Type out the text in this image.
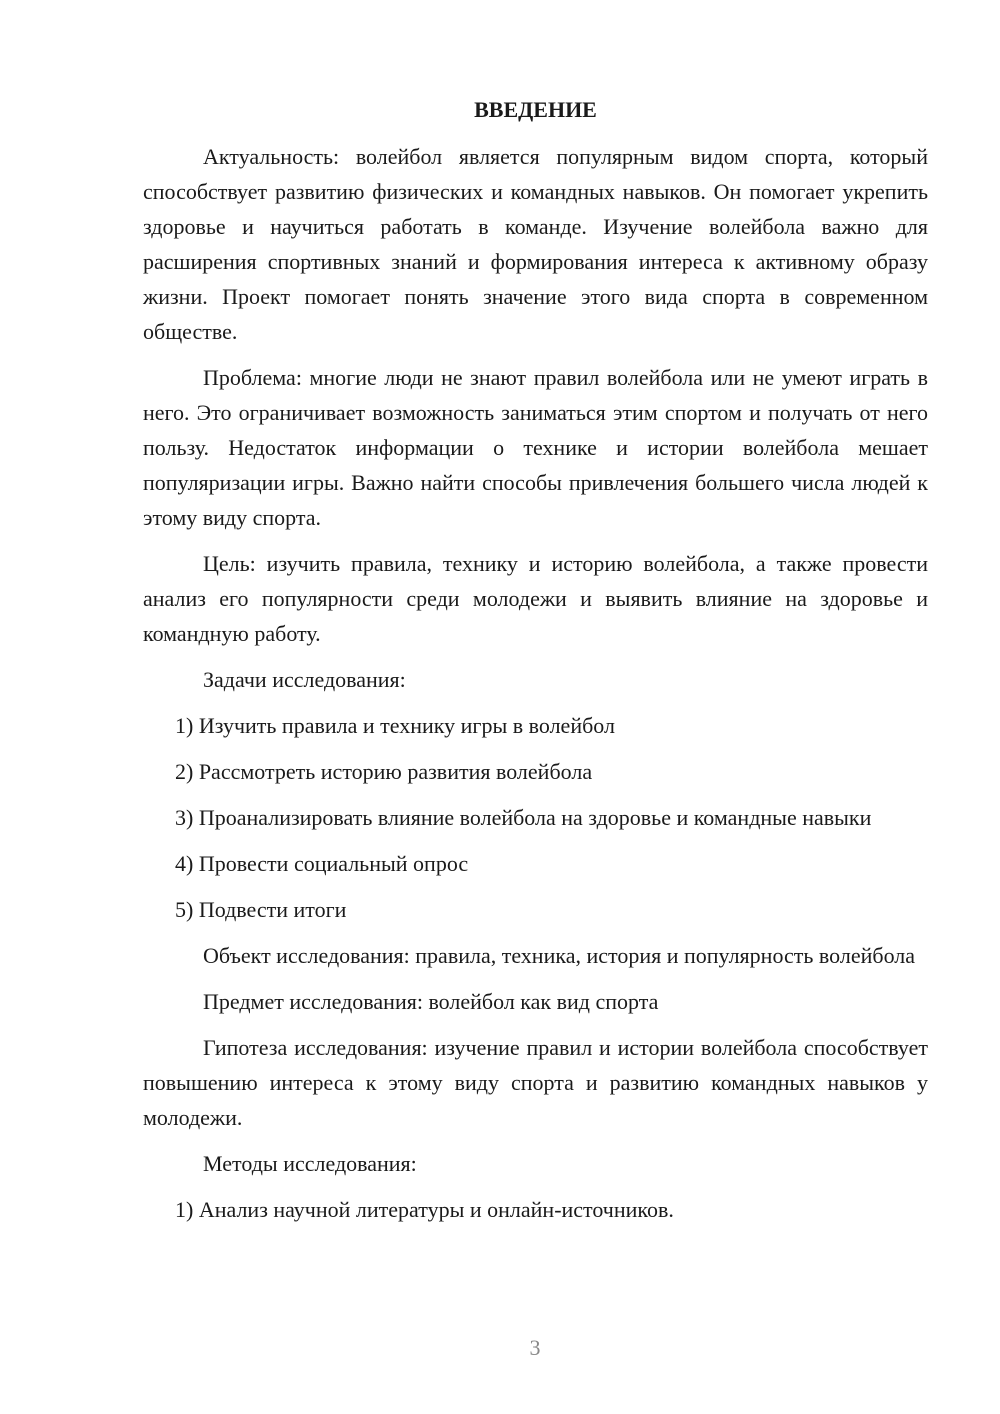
ВВЕДЕНИЕ

Актуальность: волейбол является популярным видом спорта, который способствует развитию физических и командных навыков. Он помогает укрепить здоровье и научиться работать в команде. Изучение волейбола важно для расширения спортивных знаний и формирования интереса к активному образу жизни. Проект помогает понять значение этого вида спорта в современном обществе.

Проблема: многие люди не знают правил волейбола или не умеют играть в него. Это ограничивает возможность заниматься этим спортом и получать от него пользу. Недостаток информации о технике и истории волейбола мешает популяризации игры. Важно найти способы привлечения большего числа людей к этому виду спорта.

Цель: изучить правила, технику и историю волейбола, а также провести анализ его популярности среди молодежи и выявить влияние на здоровье и командную работу.

Задачи исследования:

1) Изучить правила и технику игры в волейбол

2) Рассмотреть историю развития волейбола

3) Проанализировать влияние волейбола на здоровье и командные навыки

4) Провести социальный опрос

5) Подвести итоги

Объект исследования: правила, техника, история и популярность волейбола

Предмет исследования: волейбол как вид спорта

Гипотеза исследования: изучение правил и истории волейбола способствует повышению интереса к этому виду спорта и развитию командных навыков у молодежи.

Методы исследования:

1) Анализ научной литературы и онлайн-источников.

3
